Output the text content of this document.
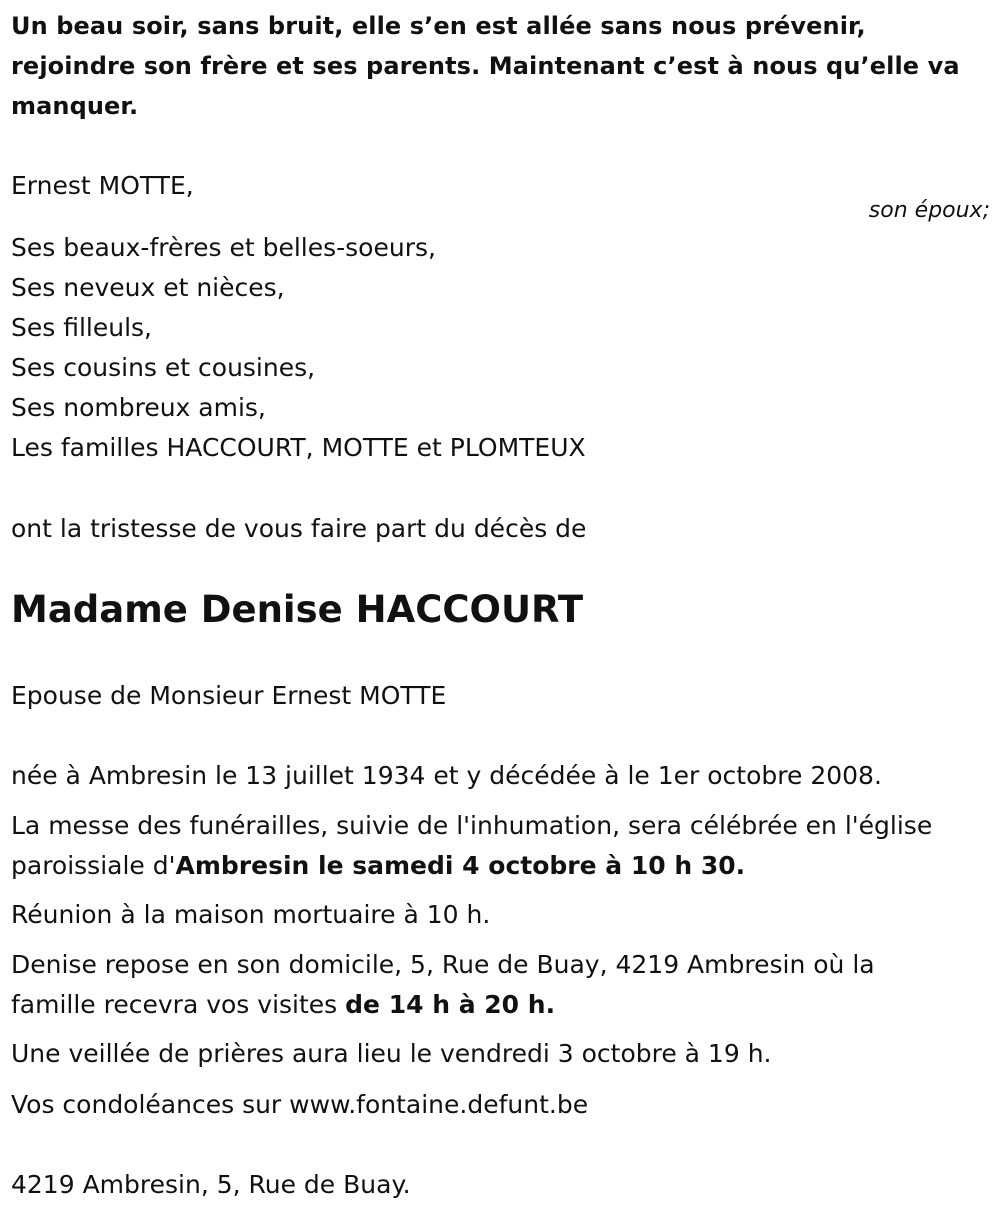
Un beau soir, sans bruit, elle s’en est allée sans nous prévenir,
rejoindre son frère et ses parents. Maintenant c’est à nous qu’elle va
manquer.
Ernest MOTTE,
son époux;
Ses beaux-frères et belles-soeurs,
Ses neveux et nièces,
Ses filleuls,
Ses cousins et cousines,
Ses nombreux amis,
Les familles HACCOURT, MOTTE et PLOMTEUX
ont la tristesse de vous faire part du décès de
Madame Denise HACCOURT
Epouse de Monsieur Ernest MOTTE
née à Ambresin le 13 juillet 1934 et y décédée à le 1er octobre 2008.
La messe des funérailles, suivie de l'inhumation, sera célébrée en l'église
paroissiale d'Ambresin le samedi 4 octobre à 10 h 30.
Réunion à la maison mortuaire à 10 h.
Denise repose en son domicile, 5, Rue de Buay, 4219 Ambresin où la
famille recevra vos visites de 14 h à 20 h.
Une veillée de prières aura lieu le vendredi 3 octobre à 19 h.
Vos condoléances sur www.fontaine.defunt.be
4219 Ambresin, 5, Rue de Buay.
